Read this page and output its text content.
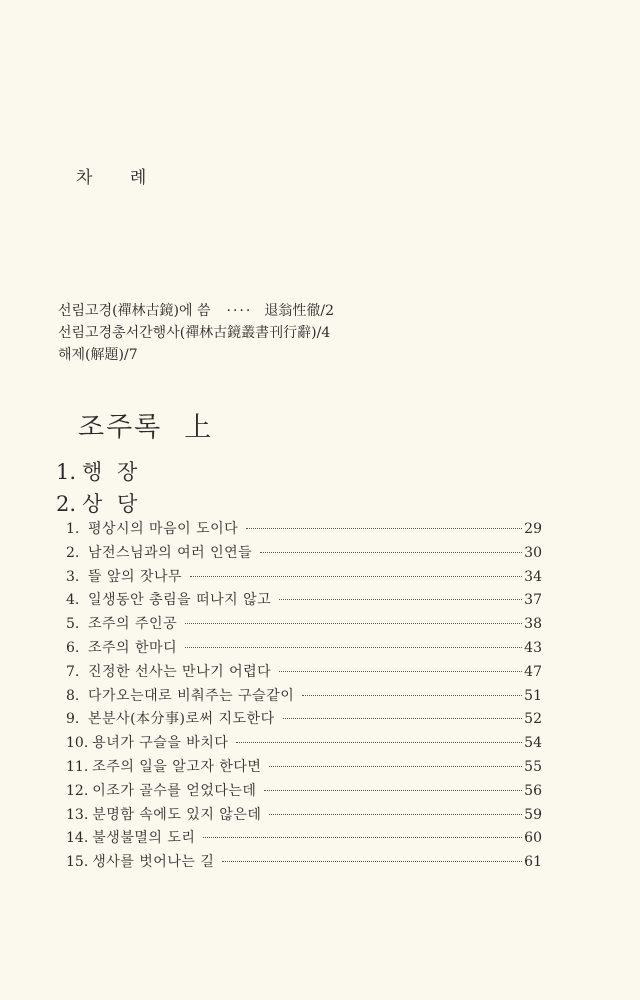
차 례
선림고경(禪林古鏡)에 씀 ···· 退翁性徹/2
선림고경총서간행사(禪林古鏡叢書刊行辭)/4
해제(解題)/7
조주록 上
1. 행 장
2. 상 당
1. 평상시의 마음이 도이다	29
2. 남전스님과의 여러 인연들	30
3. 뜰 앞의 잣나무	34
4. 일생동안 총림을 떠나지 않고	37
5. 조주의 주인공	38
6. 조주의 한마디	43
7. 진정한 선사는 만나기 어렵다	47
8. 다가오는대로 비춰주는 구슬같이	51
9. 본분사(本分事)로써 지도한다	52
10. 용녀가 구슬을 바치다	54
11. 조주의 일을 알고자 한다면	55
12. 이조가 골수를 얻었다는데	56
13. 분명함 속에도 있지 않은데	59
14. 불생불멸의 도리	60
15. 생사를 벗어나는 길	61
